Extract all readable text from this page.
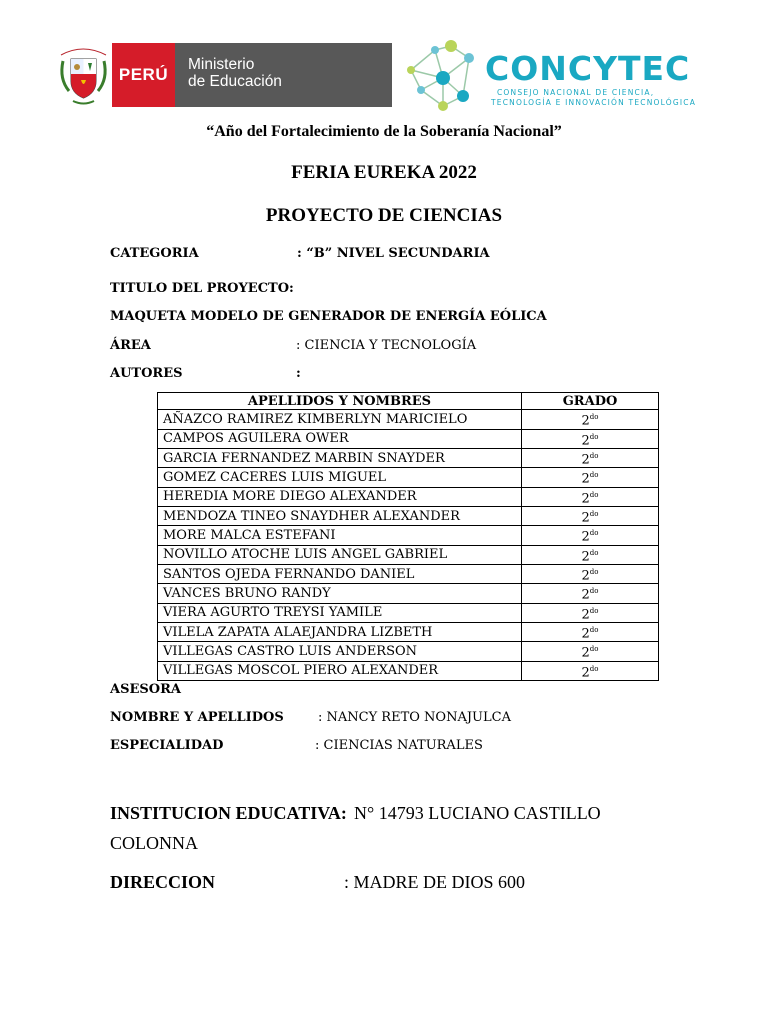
PERÚ
Ministerio
de Educación	CONCYTEC
CONSEJO NACIONAL DE CIENCIA,
TECNOLOGÍA E INNOVACIÓN TECNOLÓGICA
“Año del Fortalecimiento de la Soberanía Nacional”
FERIA EUREKA 2022
PROYECTO DE CIENCIAS
CATEGORIA	: “B” NIVEL SECUNDARIA
TITULO DEL PROYECTO:
MAQUETA MODELO DE GENERADOR DE ENERGÍA EÓLICA
ÁREA	: CIENCIA Y TECNOLOGÍA
AUTORES	:
APELLIDOS Y NOMBRES	GRADO
AÑAZCO RAMIREZ KIMBERLYN MARICIELO	$2^{do}$
CAMPOS AGUILERA OWER	$2^{do}$
GARCIA FERNANDEZ MARBIN SNAYDER	$2^{do}$
GOMEZ CACERES LUIS MIGUEL	$2^{do}$
HEREDIA MORE DIEGO ALEXANDER	$2^{do}$
MENDOZA TINEO SNAYDHER ALEXANDER	$2^{do}$
MORE MALCA ESTEFANI	$2^{do}$
NOVILLO ATOCHE LUIS ANGEL GABRIEL	$2^{do}$
SANTOS OJEDA FERNANDO DANIEL	$2^{do}$
VANCES BRUNO RANDY	$2^{do}$
VIERA AGURTO TREYSI YAMILE	$2^{do}$
VILELA ZAPATA ALAEJANDRA LIZBETH	$2^{do}$
VILLEGAS CASTRO LUIS ANDERSON	$2^{do}$
VILLEGAS MOSCOL PIERO ALEXANDER	$2^{do}$
ASESORA
NOMBRE Y APELLIDOS	: NANCY RETO NONAJULCA
ESPECIALIDAD	: CIENCIAS NATURALES
INSTITUCION EDUCATIVA: N° 14793 LUCIANO CASTILLO
COLONNA
DIRECCION	: MADRE DE DIOS 600
